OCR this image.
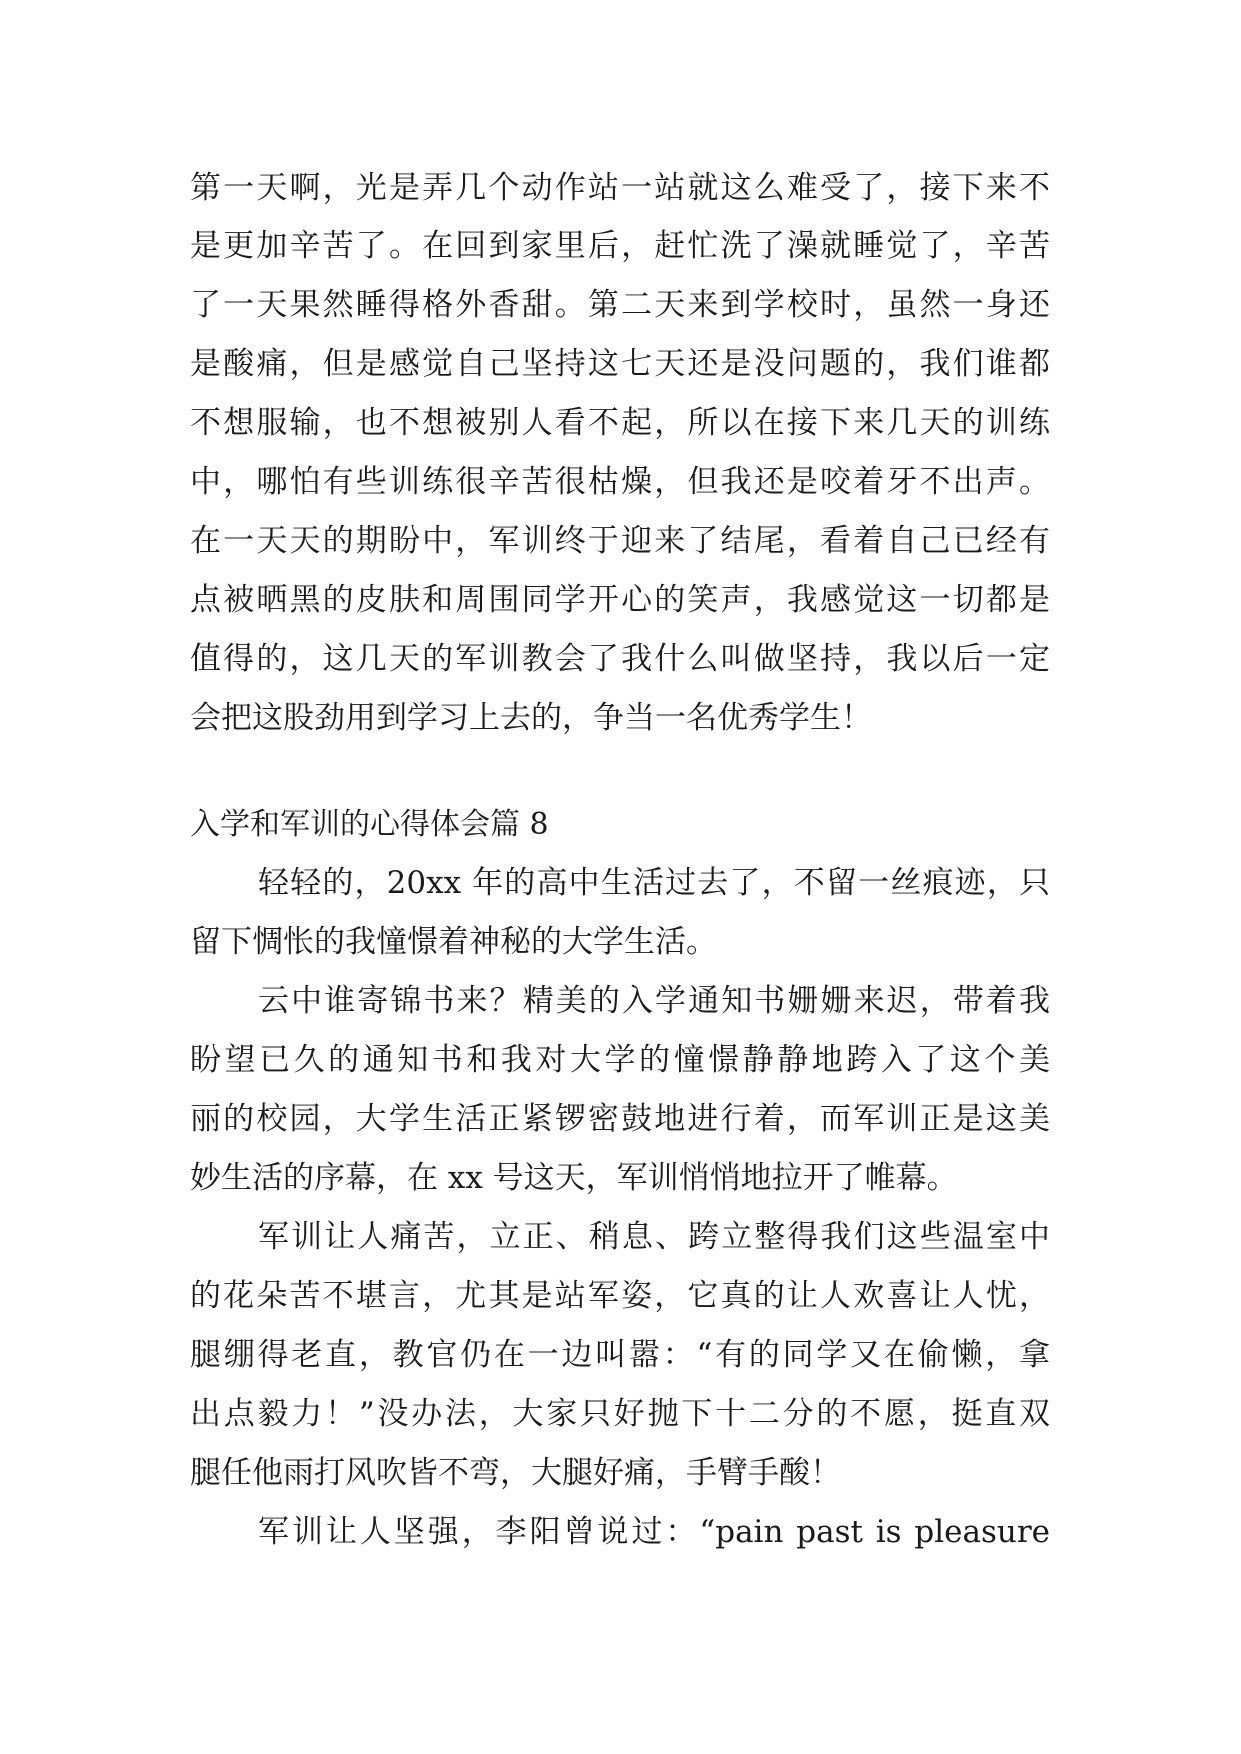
第一天啊，光是弄几个动作站一站就这么难受了，接下来不
是更加辛苦了。在回到家里后，赶忙洗了澡就睡觉了，辛苦
了一天果然睡得格外香甜。第二天来到学校时，虽然一身还
是酸痛，但是感觉自己坚持这七天还是没问题的，我们谁都
不想服输，也不想被别人看不起，所以在接下来几天的训练
中，哪怕有些训练很辛苦很枯燥，但我还是咬着牙不出声。
在一天天的期盼中，军训终于迎来了结尾，看着自己已经有
点被晒黑的皮肤和周围同学开心的笑声，我感觉这一切都是
值得的，这几天的军训教会了我什么叫做坚持，我以后一定
会把这股劲用到学习上去的，争当一名优秀学生！
入学和军训的心得体会篇 8
轻轻的，20xx 年的高中生活过去了，不留一丝痕迹，只
留下惆怅的我憧憬着神秘的大学生活。
云中谁寄锦书来？精美的入学通知书姗姗来迟，带着我
盼望已久的通知书和我对大学的憧憬静静地跨入了这个美
丽的校园，大学生活正紧锣密鼓地进行着，而军训正是这美
妙生活的序幕，在 xx 号这天，军训悄悄地拉开了帷幕。
军训让人痛苦，立正、稍息、跨立整得我们这些温室中
的花朵苦不堪言，尤其是站军姿，它真的让人欢喜让人忧，
腿绷得老直，教官仍在一边叫嚣：“有的同学又在偷懒，拿
出点毅力！”没办法，大家只好抛下十二分的不愿，挺直双
腿任他雨打风吹皆不弯，大腿好痛，手臂手酸！
军训让人坚强，李阳曾说过：“pain past is pleasure
